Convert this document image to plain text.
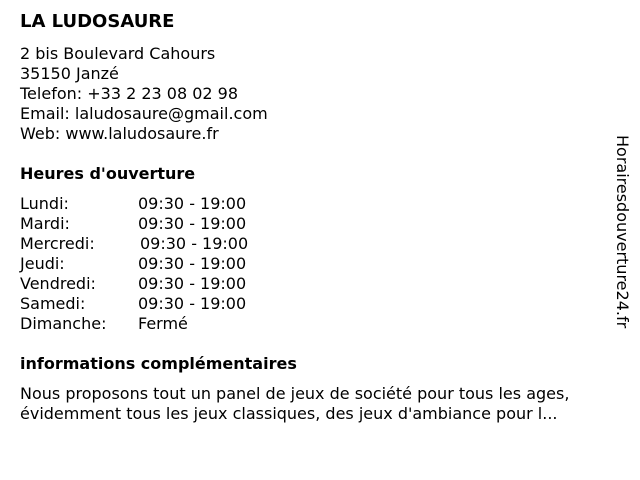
LA LUDOSAURE
2 bis Boulevard Cahours
35150 Janzé
Telefon: +33 2 23 08 02 98
Email: laludosaure@gmail.com
Web: www.laludosaure.fr
Heures d'ouverture
Lundi:	09:30 - 19:00
Mardi:	09:30 - 19:00
Mercredi:	09:30 - 19:00
Jeudi:	09:30 - 19:00
Vendredi:	09:30 - 19:00
Samedi:	09:30 - 19:00
Dimanche: Fermé
informations complémentaires
Nous proposons tout un panel de jeux de société pour tous les ages,
évidemment tous les jeux classiques, des jeux d'ambiance pour l...
Horairesdouverture24.fr
